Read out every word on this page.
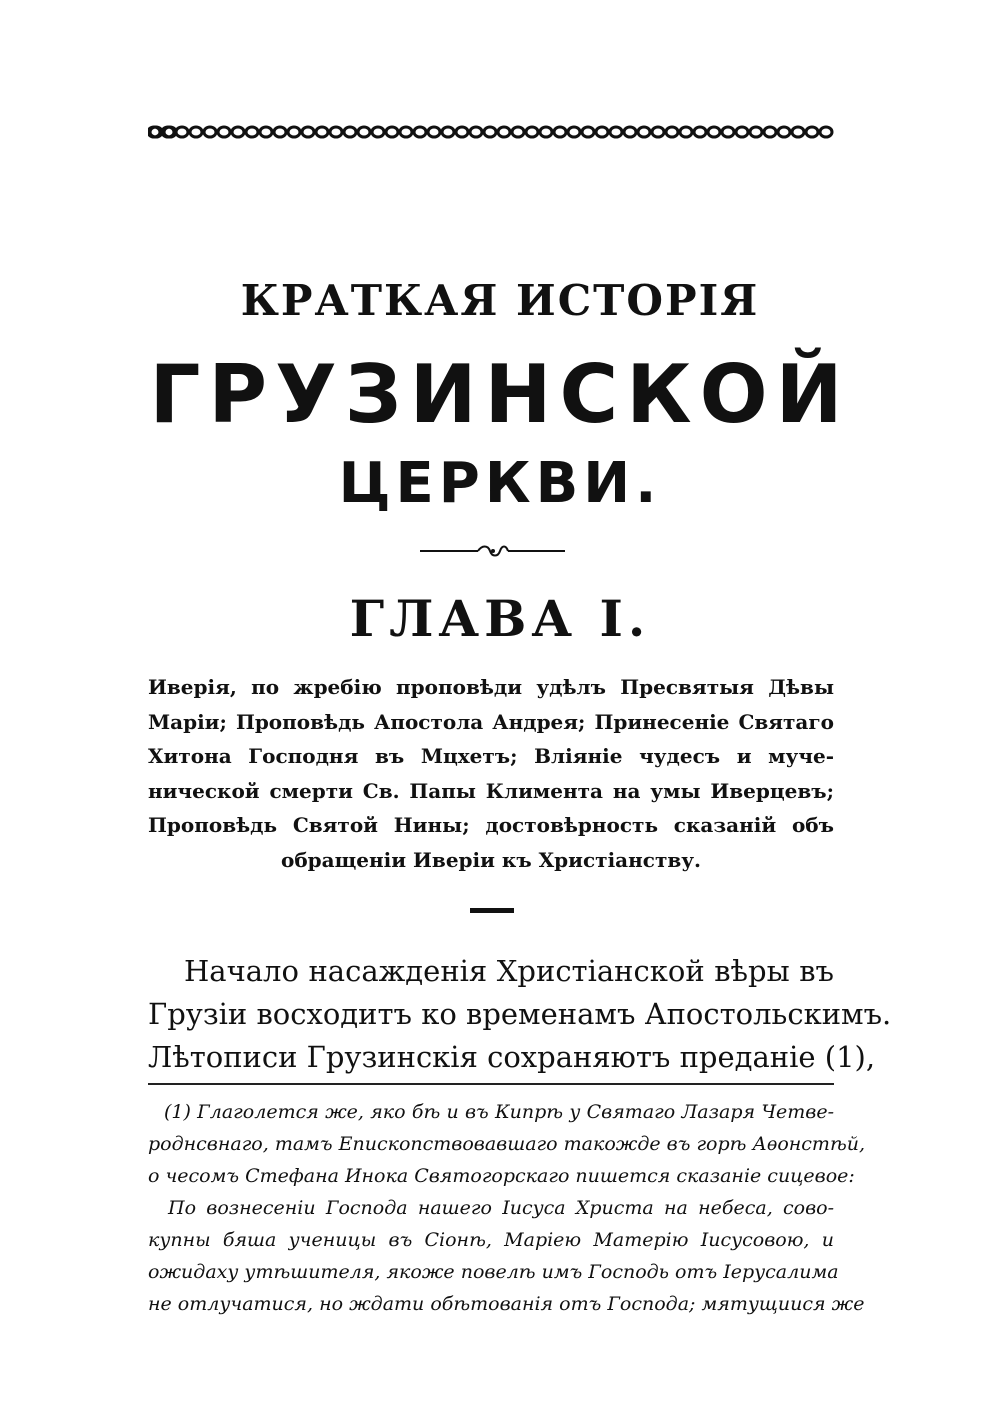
КРАТКАЯ ИСТОРІЯ
ГРУЗИНСКОЙ
ЦЕРКВИ.
ГЛАВА I.
Иверія, по жребію проповѣди удѣлъ Пресвятыя Дѣвы
Маріи; Проповѣдь Апостола Андрея; Принесеніе Святаго
Хитона Господня въ Мцхетъ; Вліяніе чудесъ и муче-
нической смерти Св. Папы Климента на умы Иверцевъ;
Проповѣдь Святой Нины; достовѣрность сказаній объ
обращеніи Иверіи къ Христіанству.
Начало насажденія Христіанской вѣры въ
Грузіи восходитъ ко временамъ Апостольскимъ.
Лѣтописи Грузинскія сохраняютъ преданіе (1),
(1) Глаголется же, яко бѣ и въ Кипрѣ у Святаго Лазаря Четве-
роднсвнаго, тамъ Епископствовавшаго такожде въ горѣ Аѳонстѣй,
о чесомъ Стефана Инока Святогорскаго пишется сказаніе сицевое:
По вознесеніи Господа нашего Іисуса Христа на небеса, сово-
купны бяша ученицы въ Сіонѣ, Маріею Матерію Іисусовою, и
ожидаху утѣшителя, якоже повелѣ имъ Господь отъ Іерусалима
не отлучатися, но ждати обѣтованія отъ Господа; мятущиися же
